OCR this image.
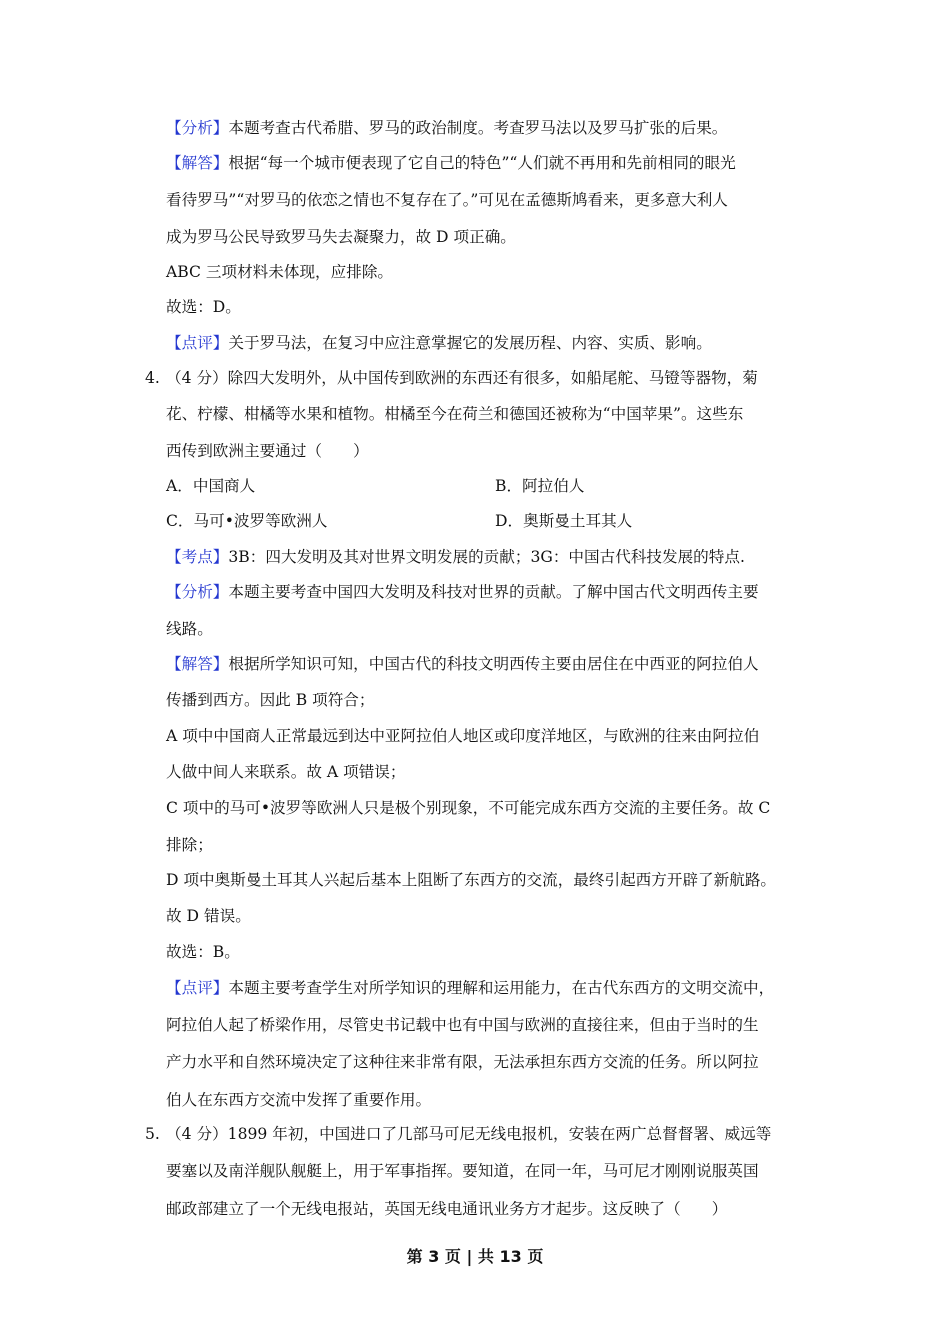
【分析】本题考查古代希腊、罗马的政治制度。考查罗马法以及罗马扩张的后果。
【解答】根据“每一个城市便表现了它自己的特色”“人们就不再用和先前相同的眼光
看待罗马”“对罗马的依恋之情也不复存在了。”可见在孟德斯鸠看来，更多意大利人
成为罗马公民导致罗马失去凝聚力，故 D 项正确。
ABC 三项材料未体现，应排除。
故选：D。
【点评】关于罗马法，在复习中应注意掌握它的发展历程、内容、实质、影响。
4. （4 分）除四大发明外，从中国传到欧洲的东西还有很多，如船尾舵、马镫等器物，菊
花、柠檬、柑橘等水果和植物。柑橘至今在荷兰和德国还被称为“中国苹果”。这些东
西传到欧洲主要通过（　　）
A．中国商人	B．阿拉伯人
C．马可•波罗等欧洲人	D．奥斯曼土耳其人
【考点】3B：四大发明及其对世界文明发展的贡献；3G：中国古代科技发展的特点.
【分析】本题主要考查中国四大发明及科技对世界的贡献。了解中国古代文明西传主要
线路。
【解答】根据所学知识可知，中国古代的科技文明西传主要由居住在中西亚的阿拉伯人
传播到西方。因此 B 项符合；
A 项中中国商人正常最远到达中亚阿拉伯人地区或印度洋地区，与欧洲的往来由阿拉伯
人做中间人来联系。故 A 项错误；
C 项中的马可•波罗等欧洲人只是极个别现象，不可能完成东西方交流的主要任务。故 C
排除；
D 项中奥斯曼土耳其人兴起后基本上阻断了东西方的交流，最终引起西方开辟了新航路。
故 D 错误。
故选：B。
【点评】本题主要考查学生对所学知识的理解和运用能力，在古代东西方的文明交流中，
阿拉伯人起了桥梁作用，尽管史书记载中也有中国与欧洲的直接往来，但由于当时的生
产力水平和自然环境决定了这种往来非常有限，无法承担东西方交流的任务。所以阿拉
伯人在东西方交流中发挥了重要作用。
5. （4 分）1899 年初，中国进口了几部马可尼无线电报机，安装在两广总督督署、威远等
要塞以及南洋舰队舰艇上，用于军事指挥。要知道，在同一年，马可尼才刚刚说服英国
邮政部建立了一个无线电报站，英国无线电通讯业务方才起步。这反映了（　　）
第 3 页 | 共 13 页
